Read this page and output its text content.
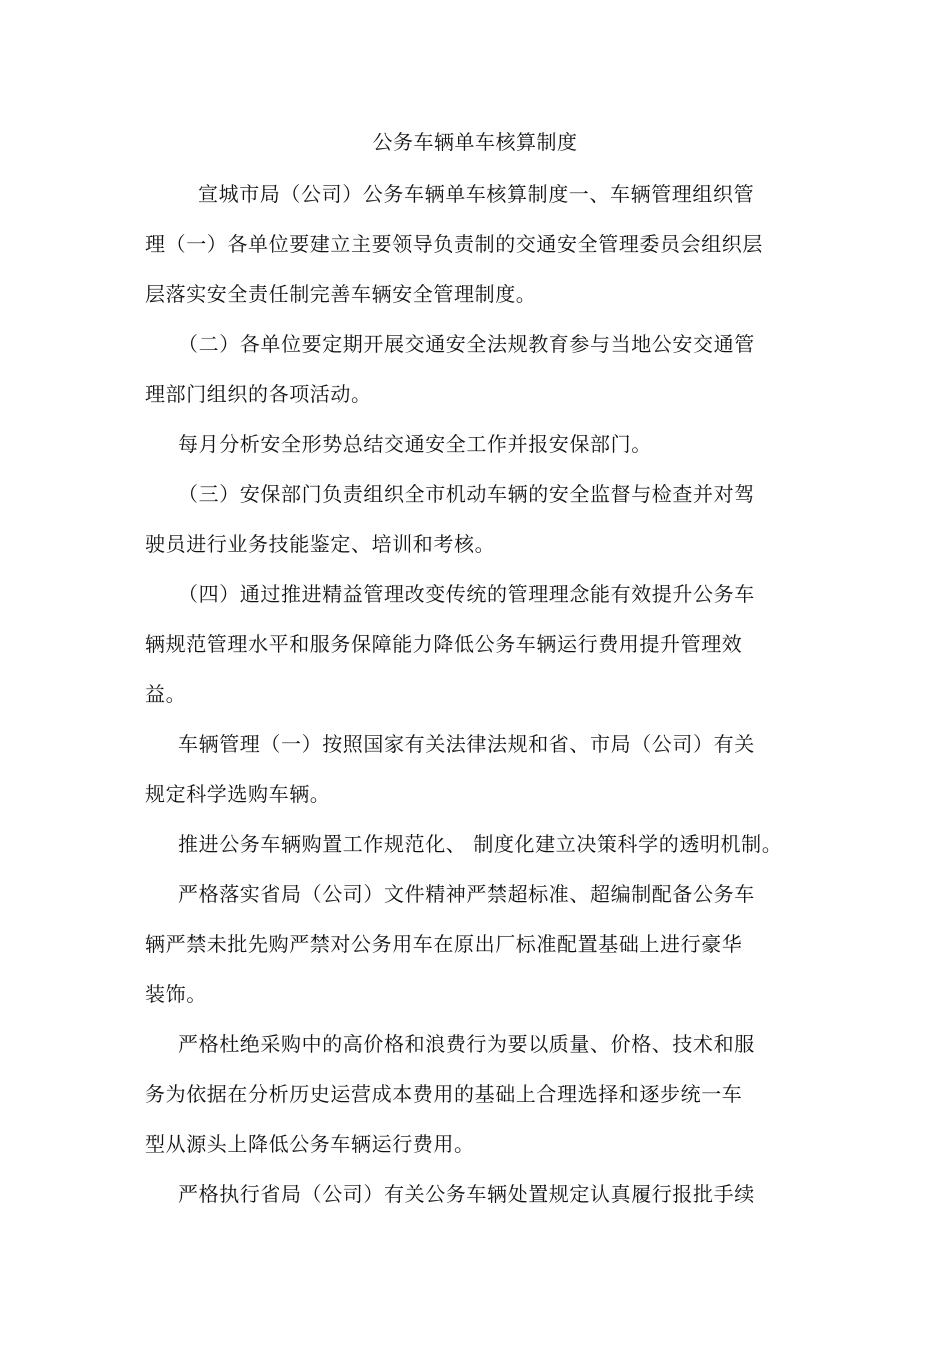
公务车辆单车核算制度
宣城市局（公司）公务车辆单车核算制度一、车辆管理组织管
理（一）各单位要建立主要领导负责制的交通安全管理委员会组织层
层落实安全责任制完善车辆安全管理制度。
（二）各单位要定期开展交通安全法规教育参与当地公安交通管
理部门组织的各项活动。
每月分析安全形势总结交通安全工作并报安保部门。
（三）安保部门负责组织全市机动车辆的安全监督与检查并对驾
驶员进行业务技能鉴定、培训和考核。
（四）通过推进精益管理改变传统的管理理念能有效提升公务车
辆规范管理水平和服务保障能力降低公务车辆运行费用提升管理效
益。
车辆管理（一）按照国家有关法律法规和省、市局（公司）有关
规定科学选购车辆。
推进公务车辆购置工作规范化、 制度化建立决策科学的透明机制。
严格落实省局（公司）文件精神严禁超标准、超编制配备公务车
辆严禁未批先购严禁对公务用车在原出厂标准配置基础上进行豪华
装饰。
严格杜绝采购中的高价格和浪费行为要以质量、价格、技术和服
务为依据在分析历史运营成本费用的基础上合理选择和逐步统一车
型从源头上降低公务车辆运行费用。
严格执行省局（公司）有关公务车辆处置规定认真履行报批手续
